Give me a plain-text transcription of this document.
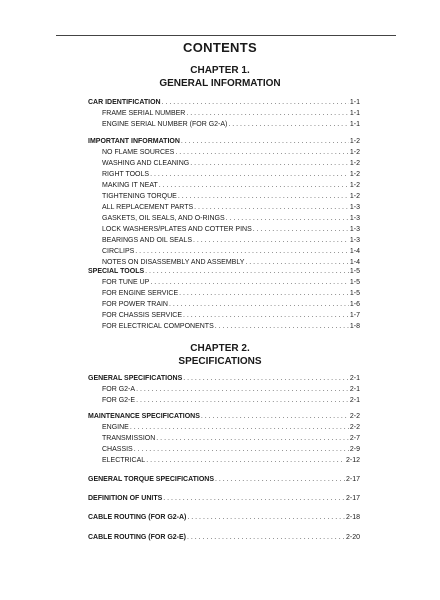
CONTENTS
CHAPTER 1.
GENERAL INFORMATION
CHAPTER 2.
SPECIFICATIONS
CAR IDENTIFICATION . . .	1-1
FRAME SERIAL NUMBER . . .	1-1
ENGINE SERIAL NUMBER (FOR G2-A) . . .	1-1
IMPORTANT INFORMATION . . .	1-2
NO FLAME SOURCES . . .	1-2
WASHING AND CLEANING . . .	1-2
RIGHT TOOLS . . .	1-2
MAKING IT NEAT . . .	1-2
TIGHTENING TORQUE . . .	1-2
ALL REPLACEMENT PARTS . . .	1-3
GASKETS, OIL SEALS, AND O-RINGS . . .	1-3
LOCK WASHERS/PLATES AND COTTER PINS . . .	1-3
BEARINGS AND OIL SEALS . . .	1-3
CIRCLIPS . . .	1-4
NOTES ON DISASSEMBLY AND ASSEMBLY . . .	1-4
SPECIAL TOOLS . . .	1-5
FOR TUNE UP . . .	1-5
FOR ENGINE SERVICE . . .	1-5
FOR POWER TRAIN . . .	1-6
FOR CHASSIS SERVICE . . .	1-7
FOR ELECTRICAL COMPONENTS . . .	1-8
GENERAL SPECIFICATIONS . . .	2-1
FOR G2-A . . .	2-1
FOR G2-E . . .	2-1
MAINTENANCE SPECIFICATIONS . . .	2-2
ENGINE . . .	2-2
TRANSMISSION . . .	2-7
CHASSIS . . .	2-9
ELECTRICAL . . .	2-12
GENERAL TORQUE SPECIFICATIONS . . .	2-17
DEFINITION OF UNITS . . .	2-17
CABLE ROUTING (FOR G2-A) . . .	2-18
CABLE ROUTING (FOR G2-E) . . .	2-20
